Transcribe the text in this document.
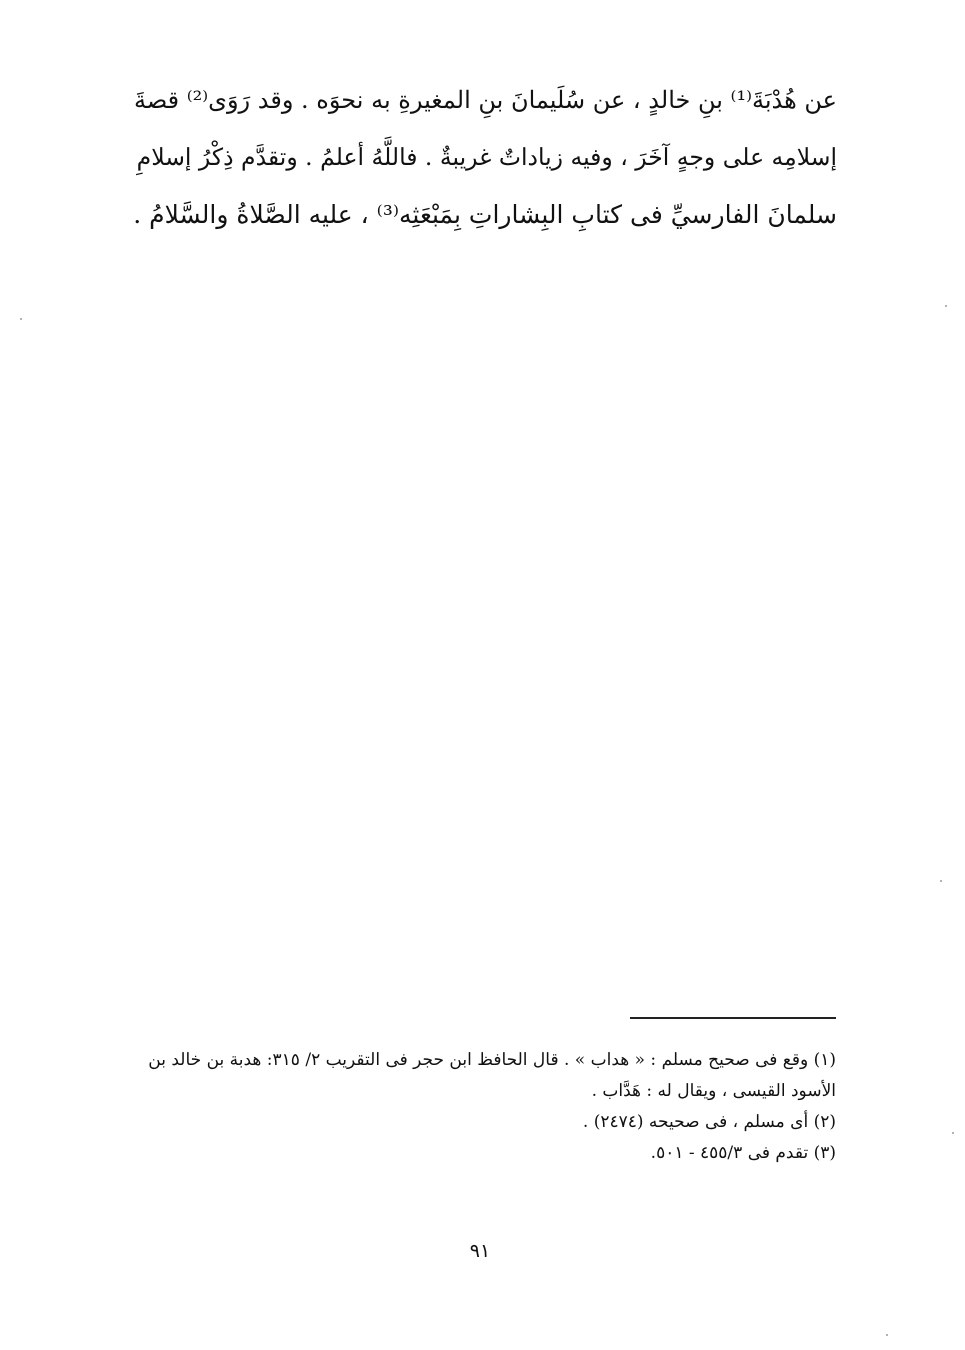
عن هُدْبَةَ⁽¹⁾ بنِ خالدٍ ، عن سُلَيمانَ بنِ المغيرةِ به نحوَه . وقد رَوَى⁽²⁾ قصةَ
إسلامِه على وجهٍ آخَرَ ، وفيه زياداتٌ غريبةٌ . فاللَّهُ أعلمُ . وتقدَّم ذِكْرُ إسلامِ
سلمانَ الفارسيِّ فى كتابِ البِشاراتِ بِمَبْعَثِه⁽³⁾ ، عليه الصَّلاةُ والسَّلامُ .
(١) وقع فى صحيح مسلم : « هداب » . قال الحافظ ابن حجر فى التقريب ٢/ ٣١٥: هدبة بن خالد بن
الأسود القيسى ، ويقال له : هَدَّاب .
(٢) أى مسلم ، فى صحيحه (٢٤٧٤) .
(٣) تقدم فى ٤٥٥/٣ - ٥٠١.
٩١
